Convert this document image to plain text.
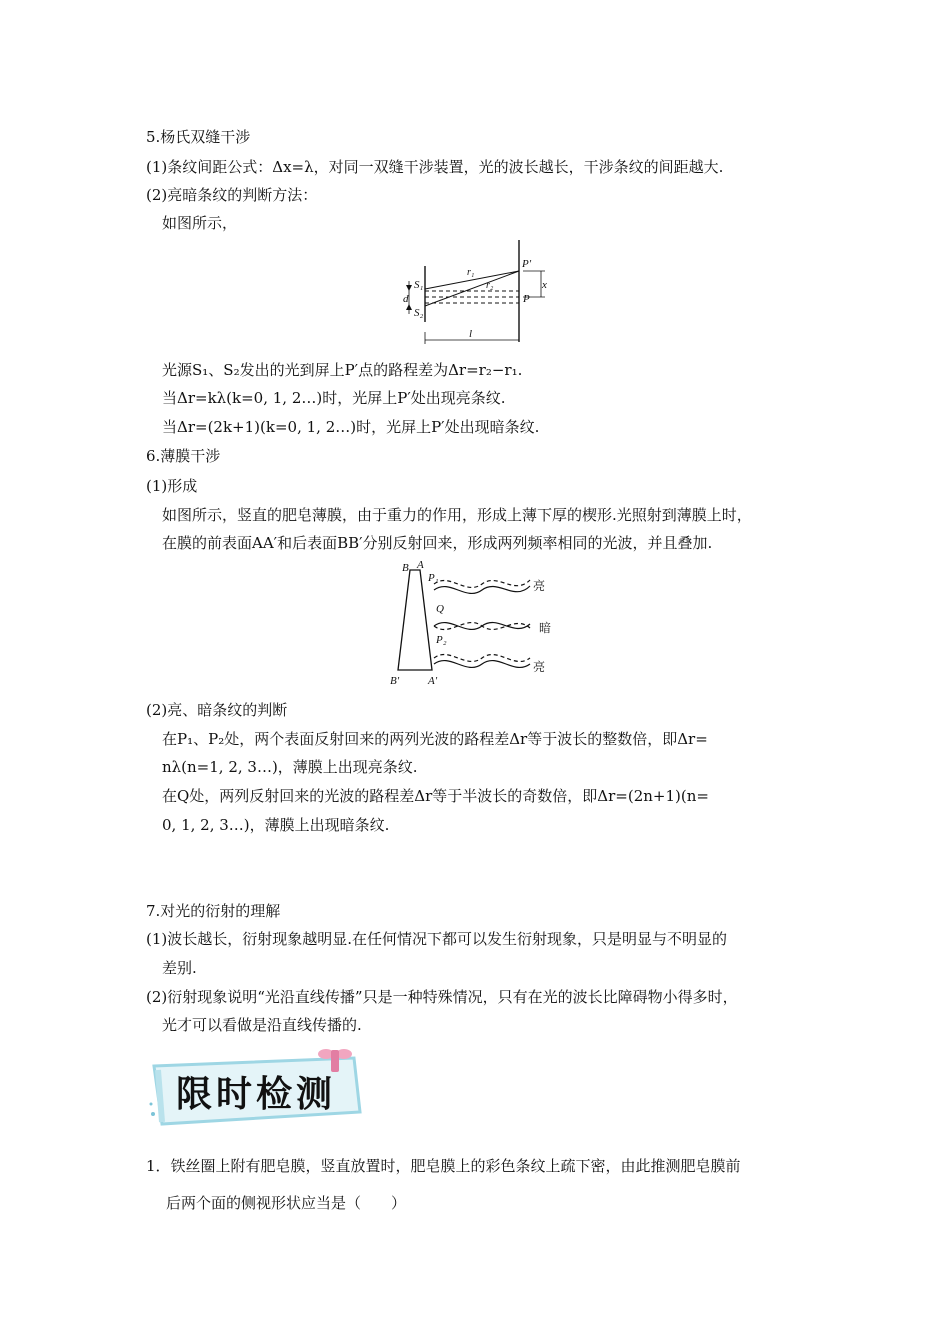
5.杨氏双缝干涉
(1)条纹间距公式：Δx=λ，对同一双缝干涉装置，光的波长越长，干涉条纹的间距越大.
(2)亮暗条纹的判断方法：
如图所示，
S₁
d
S₂
r₁
r₂
P′
P
x
l
光源S₁、S₂发出的光到屏上P′点的路程差为Δr=r₂−r₁.
当Δr=kλ(k=0, 1, 2…)时，光屏上P′处出现亮条纹.
当Δr=(2k+1)(k=0, 1, 2…)时，光屏上P′处出现暗条纹.
6.薄膜干涉
(1)形成
如图所示，竖直的肥皂薄膜，由于重力的作用，形成上薄下厚的楔形.光照射到薄膜上时，
在膜的前表面AA′和后表面BB′分别反射回来，形成两列频率相同的光波，并且叠加.
B A
P₁
Q
P₂
B′	A′
亮
暗
亮
(2)亮、暗条纹的判断
在P₁、P₂处，两个表面反射回来的两列光波的路程差Δr等于波长的整数倍，即Δr=
nλ(n=1, 2, 3…)，薄膜上出现亮条纹.
在Q处，两列反射回来的光波的路程差Δr等于半波长的奇数倍，即Δr=(2n+1)(n=
0, 1, 2, 3…)，薄膜上出现暗条纹.
7.对光的衍射的理解
(1)波长越长，衍射现象越明显.在任何情况下都可以发生衍射现象，只是明显与不明显的
差别.
(2)衍射现象说明“光沿直线传播”只是一种特殊情况，只有在光的波长比障碍物小得多时，
光才可以看做是沿直线传播的.
限时检测
1．铁丝圈上附有肥皂膜，竖直放置时，肥皂膜上的彩色条纹上疏下密，由此推测肥皂膜前
后两个面的侧视形状应当是（　　）
